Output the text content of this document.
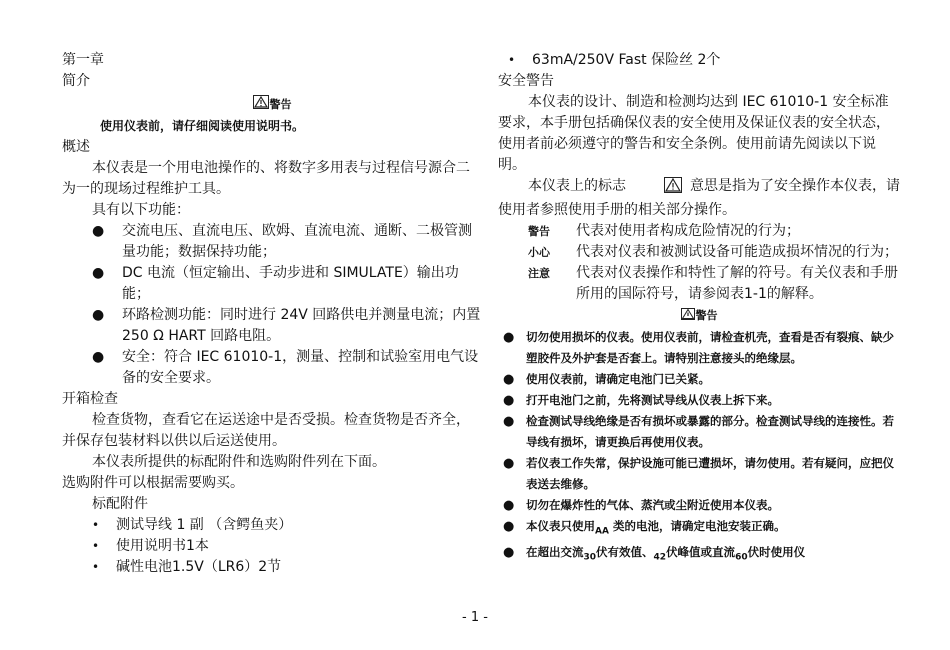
第一章

简介

警告

使用仪表前，请仔细阅读使用说明书。

概述

本仪表是一个用电池操作的、将数字多用表与过程信号源合二为一的现场过程维护工具。

具有以下功能：

● 交流电压、直流电压、欧姆、直流电流、通断、二极管测量功能；数据保持功能；
● DC 电流（恒定输出、手动步进和 SIMULATE）输出功能；
● 环路检测功能：同时进行 24V 回路供电并测量电流；内置 250 Ω HART 回路电阻。
● 安全：符合 IEC 61010-1，测量、控制和试验室用电气设备的安全要求。

开箱检查

检查货物，查看它在运送途中是否受损。检查货物是否齐全，并保存包装材料以供以后运送使用。

本仪表所提供的标配附件和选购附件列在下面。

选购附件可以根据需要购买。

标配附件

• 测试导线 1 副 （含鳄鱼夹）
• 使用说明书1本
• 碱性电池1.5V（LR6）2节
• 63mA/250V Fast 保险丝 2个

安全警告

本仪表的设计、制造和检测均达到 IEC 61010-1 安全标准要求，本手册包括确保仪表的安全使用及保证仪表的安全状态，使用者前必须遵守的警告和安全条例。使用前请先阅读以下说明。

本仪表上的标志	意思是指为了安全操作本仪表，请使用者参照使用手册的相关部分操作。

警告	代表对使用者构成危险情况的行为；
小心	代表对仪表和被测试设备可能造成损坏情况的行为；
注意	代表对仪表操作和特性了解的符号。有关仪表和手册所用的国际符号，请参阅表1-1的解释。

警告

● 切勿使用损坏的仪表。使用仪表前，请检查机壳，查看是否有裂痕、缺少塑胶件及外护套是否套上。请特别注意接头的绝缘层。
● 使用仪表前，请确定电池门已关紧。
● 打开电池门之前，先将测试导线从仪表上拆下来。
● 检查测试导线绝缘是否有损坏或暴露的部分。检查测试导线的连接性。若导线有损坏，请更换后再使用仪表。
● 若仪表工作失常，保护设施可能已遭损坏，请勿使用。若有疑问，应把仪表送去维修。
● 切勿在爆炸性的气体、蒸汽或尘附近使用本仪表。
● 本仪表只使用$_{AA}$ 类的电池，请确定电池安装正确。
● 在超出交流$_{30}$伏有效值、$_{42}$伏峰值或直流$_{60}$伏时使用仪
- 1 -
